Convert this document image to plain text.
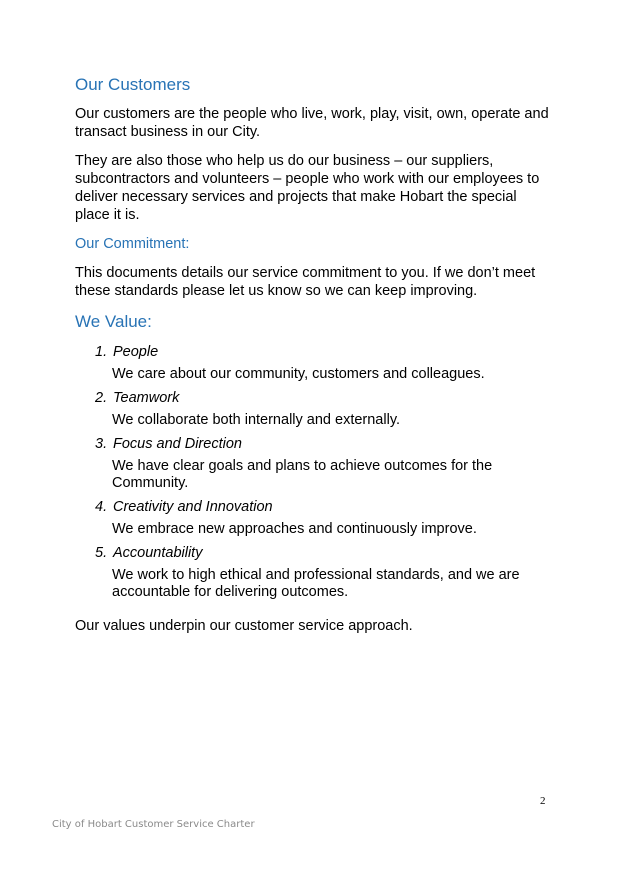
Our Customers

Our customers are the people who live, work, play, visit, own, operate and transact business in our City.

They are also those who help us do our business – our suppliers, subcontractors and volunteers – people who work with our employees to deliver necessary services and projects that make Hobart the special place it is.

Our Commitment:

This documents details our service commitment to you. If we don’t meet these standards please let us know so we can keep improving.

We Value:
1. People
We care about our community, customers and colleagues.
2. Teamwork
We collaborate both internally and externally.
3. Focus and Direction
We have clear goals and plans to achieve outcomes for the Community.
4. Creativity and Innovation
We embrace new approaches and continuously improve.
5. Accountability
We work to high ethical and professional standards, and we are accountable for delivering outcomes.

Our values underpin our customer service approach.

2
City of Hobart Customer Service Charter
